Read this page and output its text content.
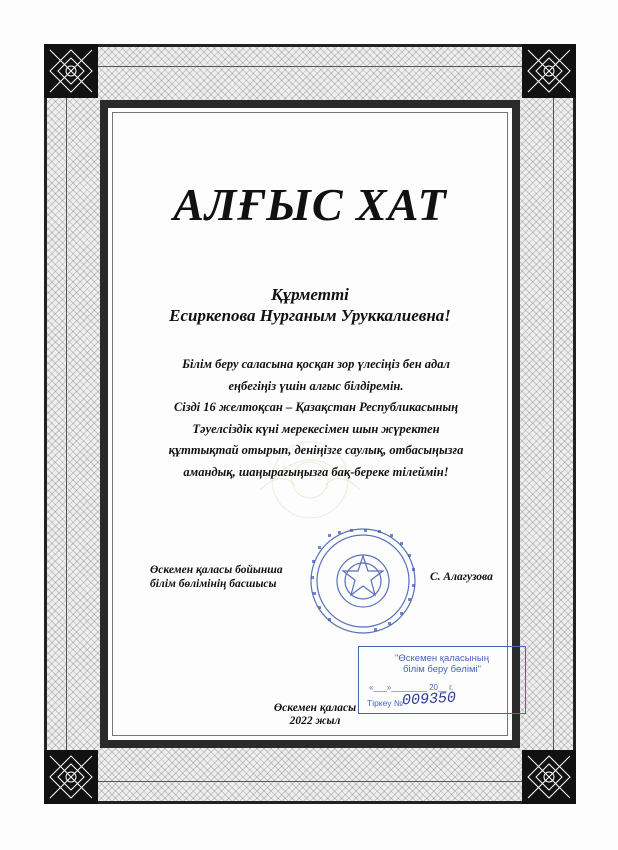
АЛҒЫС ХАТ
Құрметті
Есиркепова Нурганым Уруккалиевна!
Білім беру саласына қосқан зор үлесіңіз бен адал
еңбегіңіз үшін алғыс білдіремін.
Сізді 16 желтоқсан – Қазақстан Республикасының
Тәуелсіздік күні мерекесімен шын жүректен
құттықтай отырып, деніңізге саулық, отбасыңызға
амандық, шаңырағыңызға бақ-береке тілеймін!
Өскемен қаласы бойынша
білім бөлімінің басшысы
С. Алагузова
"Өскемен қаласының
білім беру бөлімі"
«___»________ 20__ г.
Тіркеу №
009350
Өскемен қаласы
2022 жыл
